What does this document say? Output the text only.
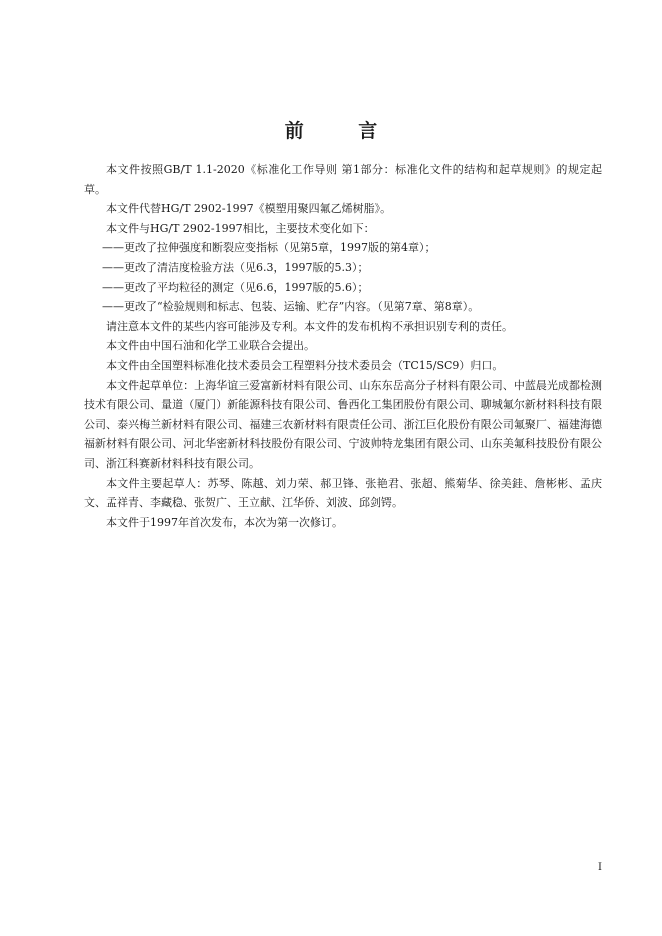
前 言

本文件按照GB/T 1.1-2020《标准化工作导则 第1部分：标准化文件的结构和起草规则》的规定起草。

本文件代替HG/T 2902-1997《模塑用聚四氟乙烯树脂》。

本文件与HG/T 2902-1997相比，主要技术变化如下：

——更改了拉伸强度和断裂应变指标（见第5章，1997版的第4章）；

——更改了清洁度检验方法（见6.3，1997版的5.3）；

——更改了平均粒径的测定（见6.6，1997版的5.6）；

——更改了“检验规则和标志、包装、运输、贮存”内容。（见第7章、第8章）。

请注意本文件的某些内容可能涉及专利。本文件的发布机构不承担识别专利的责任。

本文件由中国石油和化学工业联合会提出。

本文件由全国塑料标准化技术委员会工程塑料分技术委员会（TC15/SC9）归口。

本文件起草单位：上海华谊三爱富新材料有限公司、山东东岳高分子材料有限公司、中蓝晨光成都检测技术有限公司、量道（厦门）新能源科技有限公司、鲁西化工集团股份有限公司、聊城氟尔新材料科技有限公司、泰兴梅兰新材料有限公司、福建三农新材料有限责任公司、浙江巨化股份有限公司氟聚厂、福建海德福新材料有限公司、河北华密新材科技股份有限公司、宁波帅特龙集团有限公司、山东美氟科技股份有限公司、浙江科赛新材料科技有限公司。

本文件主要起草人：苏琴、陈越、刘力荣、郝卫锋、张艳君、张超、熊菊华、徐美銈、詹彬彬、孟庆文、孟祥青、李藏稳、张贺广、王立献、江华侨、刘波、邱剑锷。

本文件于1997年首次发布，本次为第一次修订。

I
